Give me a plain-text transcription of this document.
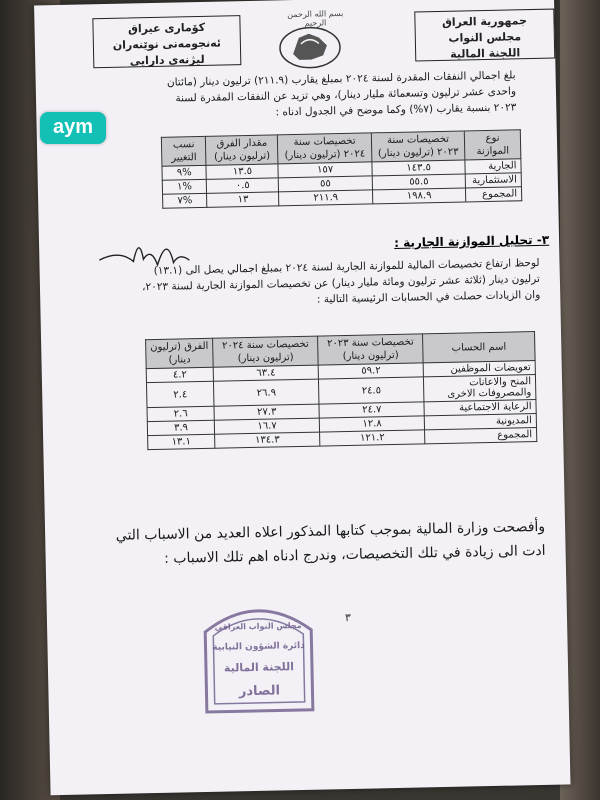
كۆمارى عيراق
ئەنجومەنى نوێنەران
لیژنەی دارایی
بسم الله الرحمن الرحيم	جمهورية العراق
مجلس النواب
اللجنة المالية
بلغ اجمالي النفقات المقدرة لسنة ٢٠٢٤ بمبلغ يقارب (٢١١.٩) ترليون دينار (مائتان واحدى عشر ترليون وتسعمائة مليار دينار)، وهي تزيد عن النفقات المقدرة لسنة ٢٠٢٣ بنسبة يقارب (٧%) وكما موضح في الجدول ادناه :
نوع الموازنة	تخصيصات سنة ٢٠٢٣ (ترليون دينار)	تخصيصات سنة ٢٠٢٤ (ترليون دينار)	مقدار الفرق (ترليون دينار)	نسب التغيير
الجارية	١٤٣.٥	١٥٧	١٣.٥	%٩
الاستثمارية	٥٥.٥	٥٥	٠.٥	%١
المجموع	١٩٨.٩	٢١١.٩	١٣	%٧
٣- تحليل الموازنة الجارية :
لوحظ ارتفاع تخصيصات المالية للموازنة الجارية لسنة ٢٠٢٤ بمبلغ اجمالي يصل الى (١٣.١) ترليون دينار (ثلاثة عشر ترليون ومائة مليار دينار) عن تخصيصات الموازنة الجارية لسنة ٢٠٢٣، وان الزيادات حصلت في الحسابات الرئيسية التالية :
اسم الحساب	تخصيصات سنة ٢٠٢٣ (ترليون دينار)	تخصيصات سنة ٢٠٢٤ (ترليون دينار)	الفرق (ترليون دينار)
تعويضات الموظفين	٥٩.٢	٦٣.٤	٤.٢
المنح والاعانات والمصروفات الاخرى	٢٤.٥	٢٦.٩	٢.٤
الرعاية الاجتماعية	٢٤.٧	٢٧.٣	٢.٦
المديونية	١٢.٨	١٦.٧	٣.٩
المجموع	١٢١.٢	١٣٤.٣	١٣.١
وأفصحت وزارة المالية بموجب كتابها المذكور اعلاه العديد من الاسباب التي ادت الى زيادة في تلك التخصيصات، وندرج ادناه اهم تلك الاسباب :
٣
مجلس النواب العراقي
دائرة الشؤون النيابية
اللجنة المالية
الصادر
aym
